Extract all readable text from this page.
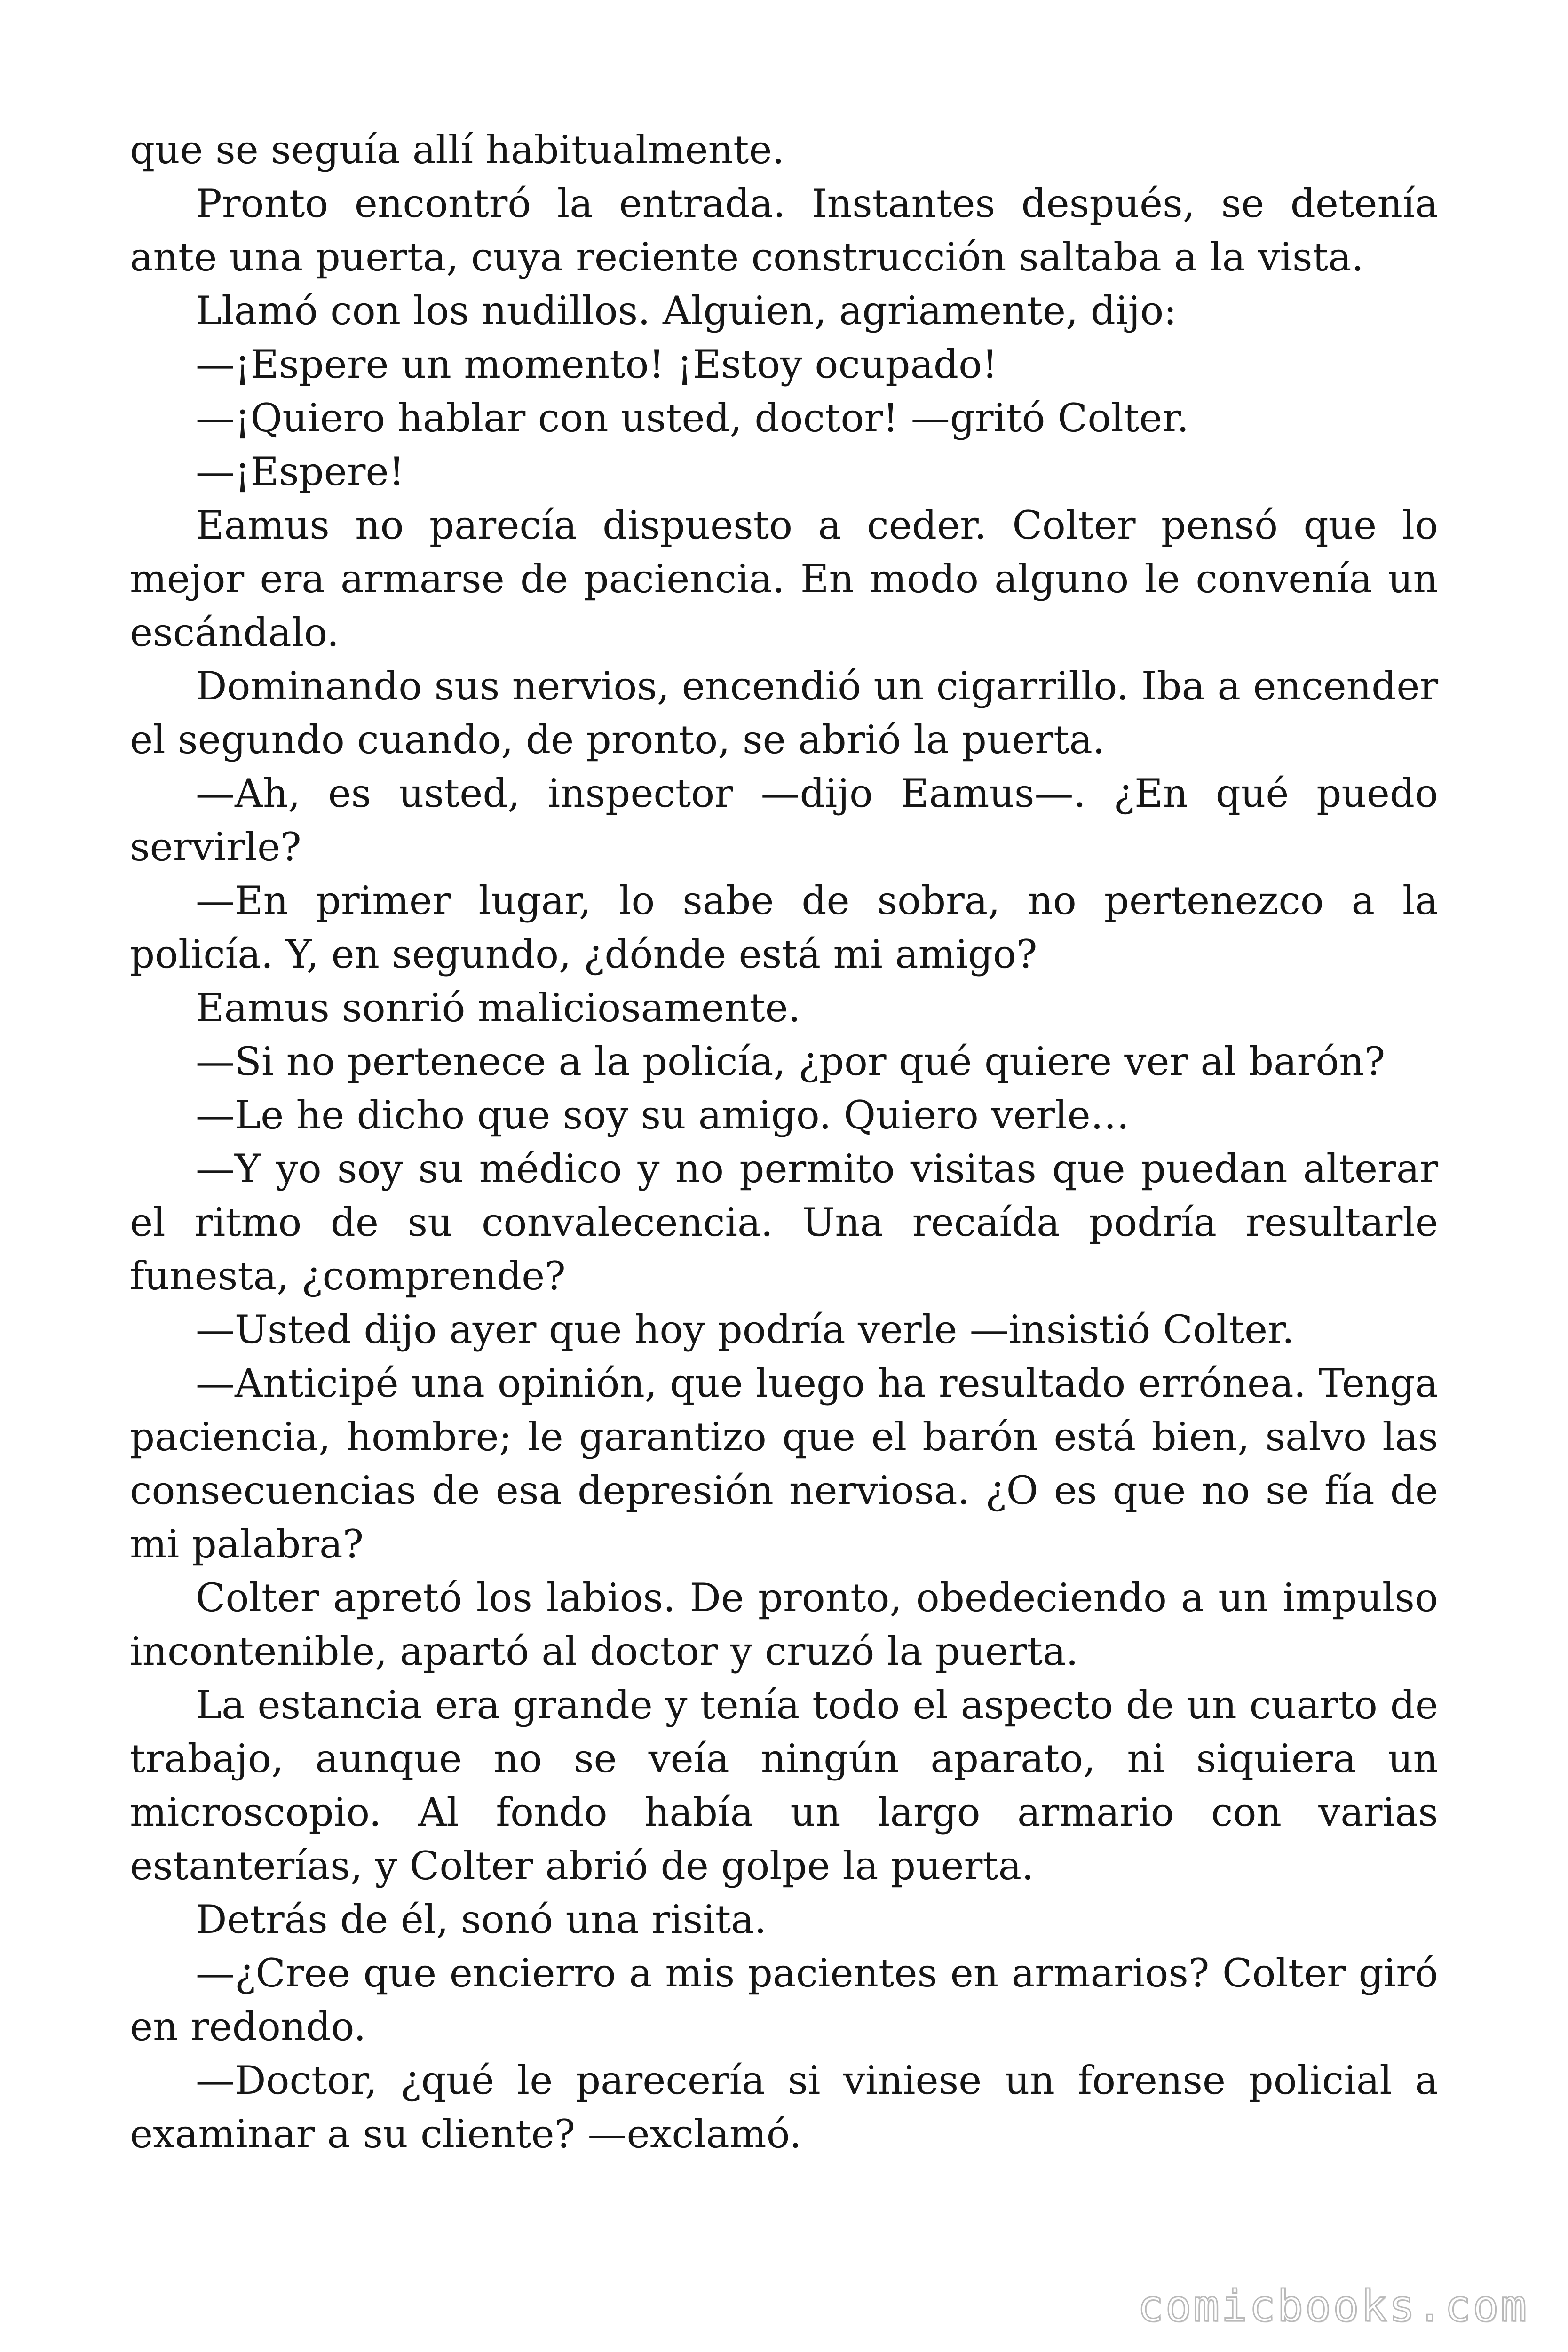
que se seguía allí habitualmente.

Pronto encontró la entrada. Instantes después, se detenía ante una puerta, cuya reciente construcción saltaba a la vista.

Llamó con los nudillos. Alguien, agriamente, dijo:

—¡Espere un momento! ¡Estoy ocupado!

—¡Quiero hablar con usted, doctor! —gritó Colter.

—¡Espere!

Eamus no parecía dispuesto a ceder. Colter pensó que lo mejor era armarse de paciencia. En modo alguno le convenía un escándalo.

Dominando sus nervios, encendió un cigarrillo. Iba a encender el segundo cuando, de pronto, se abrió la puerta.

—Ah, es usted, inspector —dijo Eamus—. ¿En qué puedo servirle?

—En primer lugar, lo sabe de sobra, no pertenezco a la policía. Y, en segundo, ¿dónde está mi amigo?

Eamus sonrió maliciosamente.

—Si no pertenece a la policía, ¿por qué quiere ver al barón?

—Le he dicho que soy su amigo. Quiero verle…

—Y yo soy su médico y no permito visitas que puedan alterar el ritmo de su convalecencia. Una recaída podría resultarle funesta, ¿comprende?

—Usted dijo ayer que hoy podría verle —insistió Colter.

—Anticipé una opinión, que luego ha resultado errónea. Tenga paciencia, hombre; le garantizo que el barón está bien, salvo las consecuencias de esa depresión nerviosa. ¿O es que no se fía de mi palabra?

Colter apretó los labios. De pronto, obedeciendo a un impulso incontenible, apartó al doctor y cruzó la puerta.

La estancia era grande y tenía todo el aspecto de un cuarto de trabajo, aunque no se veía ningún aparato, ni siquiera un microscopio. Al fondo había un largo armario con varias estanterías, y Colter abrió de golpe la puerta.

Detrás de él, sonó una risita.

—¿Cree que encierro a mis pacientes en armarios? Colter giró en redondo.

—Doctor, ¿qué le parecería si viniese un forense policial a examinar a su cliente? —exclamó.

comicbooks.com
